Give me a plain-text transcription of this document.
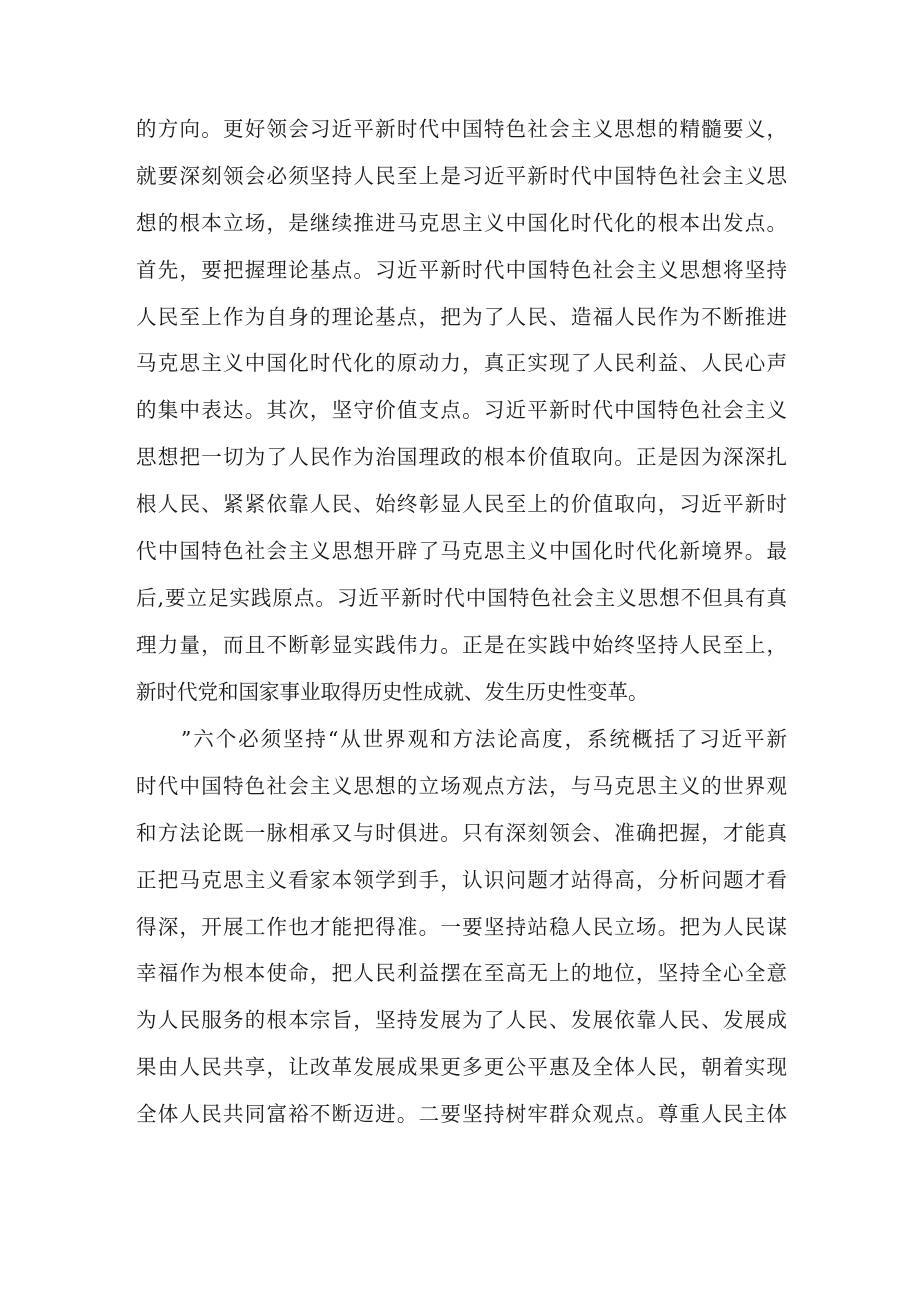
的方向。更好领会习近平新时代中国特色社会主义思想的精髓要义，
就要深刻领会必须坚持人民至上是习近平新时代中国特色社会主义思
想的根本立场，是继续推进马克思主义中国化时代化的根本出发点。
首先，要把握理论基点。习近平新时代中国特色社会主义思想将坚持
人民至上作为自身的理论基点，把为了人民、造福人民作为不断推进
马克思主义中国化时代化的原动力，真正实现了人民利益、人民心声
的集中表达。其次，坚守价值支点。习近平新时代中国特色社会主义
思想把一切为了人民作为治国理政的根本价值取向。正是因为深深扎
根人民、紧紧依靠人民、始终彰显人民至上的价值取向，习近平新时
代中国特色社会主义思想开辟了马克思主义中国化时代化新境界。最
后,要立足实践原点。习近平新时代中国特色社会主义思想不但具有真
理力量，而且不断彰显实践伟力。正是在实践中始终坚持人民至上，
新时代党和国家事业取得历史性成就、发生历史性变革。
　　”六个必须坚持“从世界观和方法论高度，系统概括了习近平新
时代中国特色社会主义思想的立场观点方法，与马克思主义的世界观
和方法论既一脉相承又与时俱进。只有深刻领会、准确把握，才能真
正把马克思主义看家本领学到手，认识问题才站得高，分析问题才看
得深，开展工作也才能把得准。一要坚持站稳人民立场。把为人民谋
幸福作为根本使命，把人民利益摆在至高无上的地位，坚持全心全意
为人民服务的根本宗旨，坚持发展为了人民、发展依靠人民、发展成
果由人民共享，让改革发展成果更多更公平惠及全体人民，朝着实现
全体人民共同富裕不断迈进。二要坚持树牢群众观点。尊重人民主体
